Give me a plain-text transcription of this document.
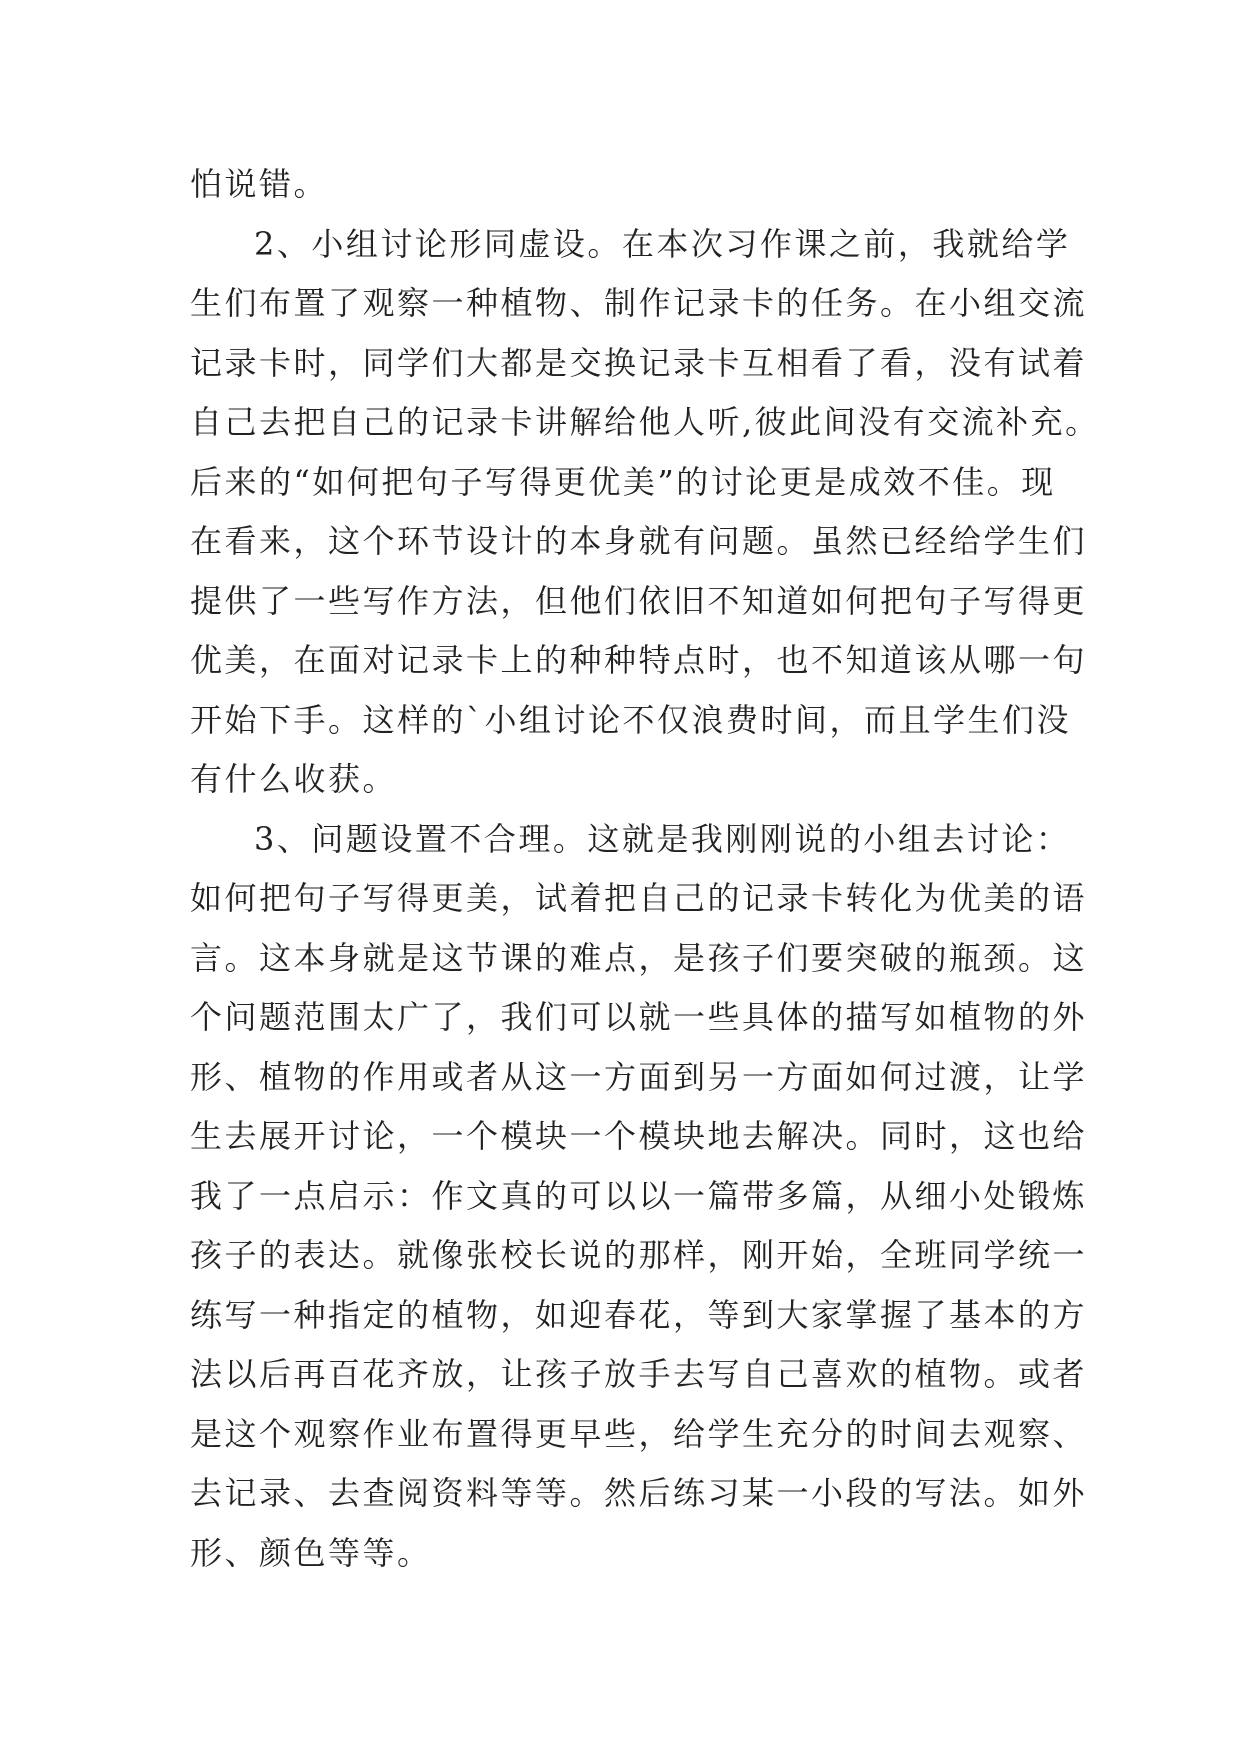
怕说错。
2、小组讨论形同虚设。在本次习作课之前，我就给学
生们布置了观察一种植物、制作记录卡的任务。在小组交流
记录卡时，同学们大都是交换记录卡互相看了看，没有试着
自己去把自己的记录卡讲解给他人听,彼此间没有交流补充。
后来的“如何把句子写得更优美”的讨论更是成效不佳。现
在看来，这个环节设计的本身就有问题。虽然已经给学生们
提供了一些写作方法，但他们依旧不知道如何把句子写得更
优美，在面对记录卡上的种种特点时，也不知道该从哪一句
开始下手。这样的`小组讨论不仅浪费时间，而且学生们没
有什么收获。
3、问题设置不合理。这就是我刚刚说的小组去讨论：
如何把句子写得更美，试着把自己的记录卡转化为优美的语
言。这本身就是这节课的难点，是孩子们要突破的瓶颈。这
个问题范围太广了，我们可以就一些具体的描写如植物的外
形、植物的作用或者从这一方面到另一方面如何过渡，让学
生去展开讨论，一个模块一个模块地去解决。同时，这也给
我了一点启示：作文真的可以以一篇带多篇，从细小处锻炼
孩子的表达。就像张校长说的那样，刚开始，全班同学统一
练写一种指定的植物，如迎春花，等到大家掌握了基本的方
法以后再百花齐放，让孩子放手去写自己喜欢的植物。或者
是这个观察作业布置得更早些，给学生充分的时间去观察、
去记录、去查阅资料等等。然后练习某一小段的写法。如外
形、颜色等等。
